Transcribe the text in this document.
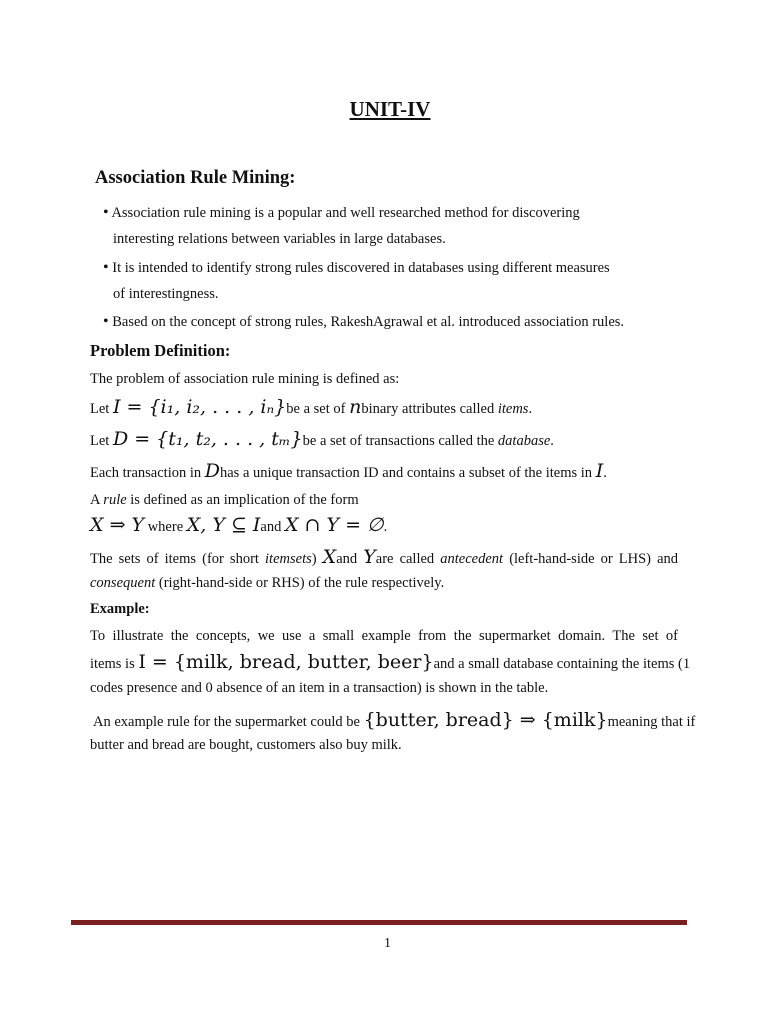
UNIT-IV
Association Rule Mining:
• Association rule mining is a popular and well researched method for discovering
interesting relations between variables in large databases.
• It is intended to identify strong rules discovered in databases using different measures
of interestingness.
• Based on the concept of strong rules, RakeshAgrawal et al. introduced association rules.
Problem Definition:
The problem of association rule mining is defined as:
Let I = {i₁, i₂, . . . , iₙ}be a set of nbinary attributes called items.
Let D = {t₁, t₂, . . . , tₘ}be a set of transactions called the database.
Each transaction in Dhas a unique transaction ID and contains a subset of the items in I.
A rule is defined as an implication of the form
X ⇒ Y where X, Y ⊆ Iand X ∩ Y = ∅.
The sets of items (for short itemsets) Xand Yare called antecedent (left-hand-side or LHS) and
consequent (right-hand-side or RHS) of the rule respectively.
Example:
To illustrate the concepts, we use a small example from the supermarket domain. The set of
items is I = {milk, bread, butter, beer}and a small database containing the items (1
codes presence and 0 absence of an item in a transaction) is shown in the table.
An example rule for the supermarket could be {butter, bread} ⇒ {milk}meaning that if
butter and bread are bought, customers also buy milk.
1
